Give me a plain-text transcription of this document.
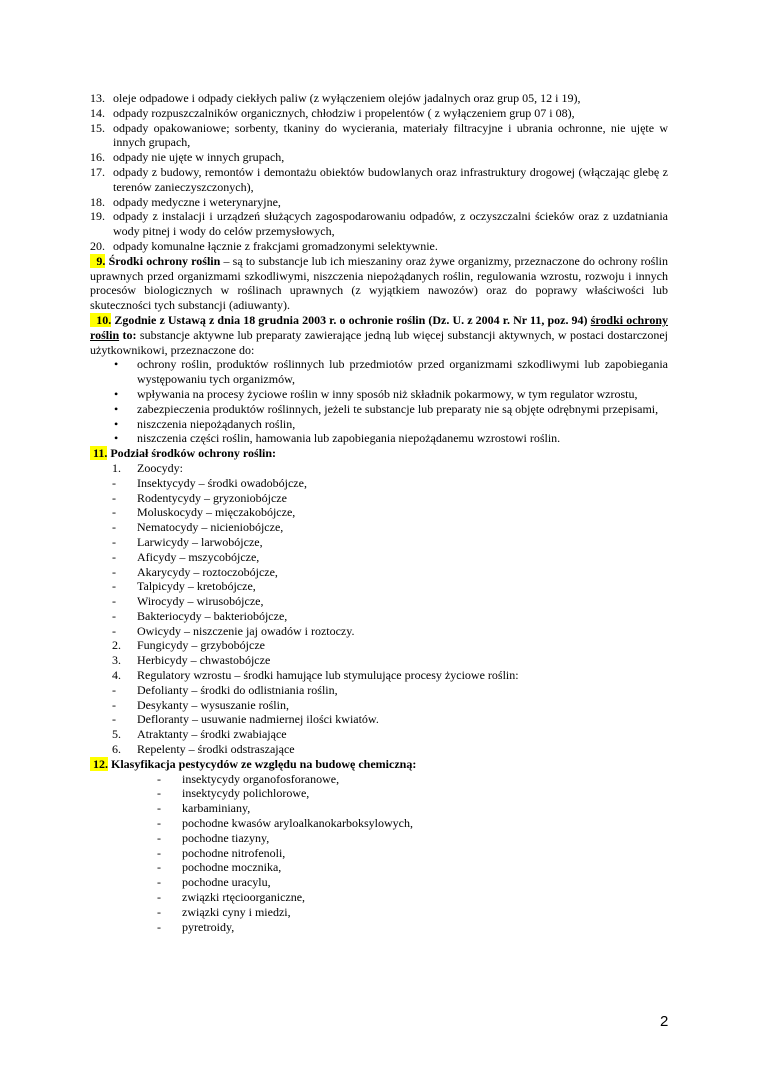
13. oleje odpadowe i odpady ciekłych paliw (z wyłączeniem olejów jadalnych oraz grup 05, 12 i 19),
14. odpady rozpuszczalników organicznych, chłodziw i propelentów ( z wyłączeniem grup 07 i 08),
15. odpady opakowaniowe; sorbenty, tkaniny do wycierania, materiały filtracyjne i ubrania ochronne, nie ujęte w innych grupach,
16. odpady nie ujęte w innych grupach,
17. odpady z budowy, remontów i demontażu obiektów budowlanych oraz infrastruktury drogowej (włączając glebę z terenów zanieczyszczonych),
18. odpady medyczne i weterynaryjne,
19. odpady z instalacji i urządzeń służących zagospodarowaniu odpadów, z oczyszczalni ścieków oraz z uzdatniania wody pitnej i wody do celów przemysłowych,
20. odpady komunalne łącznie z frakcjami gromadzonymi selektywnie.
9. Środki ochrony roślin – są to substancje lub ich mieszaniny oraz żywe organizmy, przeznaczone do ochrony roślin uprawnych przed organizmami szkodliwymi, niszczenia niepożądanych roślin, regulowania wzrostu, rozwoju i innych procesów biologicznych w roślinach uprawnych (z wyjątkiem nawozów) oraz do poprawy właściwości lub skuteczności tych substancji (adiuwanty).
10. Zgodnie z Ustawą z dnia 18 grudnia 2003 r. o ochronie roślin (Dz. U. z 2004 r. Nr 11, poz. 94) środki ochrony roślin to: substancje aktywne lub preparaty zawierające jedną lub więcej substancji aktywnych, w postaci dostarczonej użytkownikowi, przeznaczone do:
• ochrony roślin, produktów roślinnych lub przedmiotów przed organizmami szkodliwymi lub zapobiegania występowaniu tych organizmów,
• wpływania na procesy życiowe roślin w inny sposób niż składnik pokarmowy, w tym regulator wzrostu,
• zabezpieczenia produktów roślinnych, jeżeli te substancje lub preparaty nie są objęte odrębnymi przepisami,
• niszczenia niepożądanych roślin,
• niszczenia części roślin, hamowania lub zapobiegania niepożądanemu wzrostowi roślin.
11. Podział środków ochrony roślin:
1. Zoocydy:
- Insektycydy – środki owadobójcze,
- Rodentycydy – gryzoniobójcze
- Moluskocydy – mięczakobójcze,
- Nematocydy – nicieniobójcze,
- Larwicydy – larwobójcze,
- Aficydy – mszycobójcze,
- Akarycydy – roztoczobójcze,
- Talpicydy – kretobójcze,
- Wirocydy – wirusobójcze,
- Bakteriocydy – bakteriobójcze,
- Owicydy – niszczenie jaj owadów i roztoczy.
2. Fungicydy – grzybobójcze
3. Herbicydy – chwastobójcze
4. Regulatory wzrostu – środki hamujące lub stymulujące procesy życiowe roślin:
- Defolianty – środki do odlistniania roślin,
- Desykanty – wysuszanie roślin,
- Defloranty – usuwanie nadmiernej ilości kwiatów.
5. Atraktanty – środki zwabiające
6. Repelenty – środki odstraszające
12. Klasyfikacja pestycydów ze względu na budowę chemiczną:
- insektycydy organofosforanowe,
- insektycydy polichlorowe,
- karbaminiany,
- pochodne kwasów aryloalkanokarboksylowych,
- pochodne tiazyny,
- pochodne nitrofenoli,
- pochodne mocznika,
- pochodne uracylu,
- związki rtęcioorganiczne,
- związki cyny i miedzi,
- pyretroidy,
2
